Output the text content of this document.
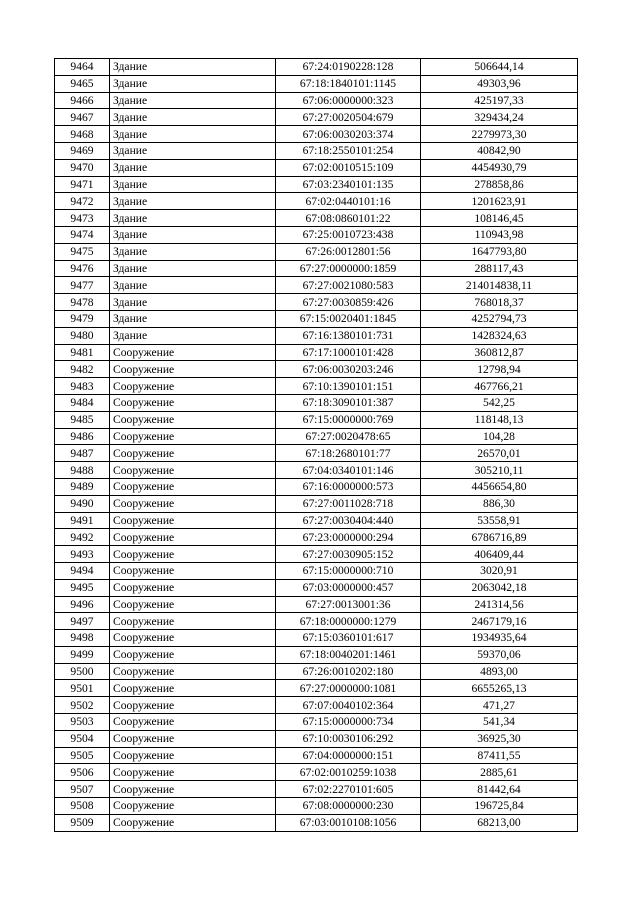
9464	Здание	67:24:0190228:128	506644,14
9465	Здание	67:18:1840101:1145	49303,96
9466	Здание	67:06:0000000:323	425197,33
9467	Здание	67:27:0020504:679	329434,24
9468	Здание	67:06:0030203:374	2279973,30
9469	Здание	67:18:2550101:254	40842,90
9470	Здание	67:02:0010515:109	4454930,79
9471	Здание	67:03:2340101:135	278858,86
9472	Здание	67:02:0440101:16	1201623,91
9473	Здание	67:08:0860101:22	108146,45
9474	Здание	67:25:0010723:438	110943,98
9475	Здание	67:26:0012801:56	1647793,80
9476	Здание	67:27:0000000:1859	288117,43
9477	Здание	67:27:0021080:583	214014838,11
9478	Здание	67:27:0030859:426	768018,37
9479	Здание	67:15:0020401:1845	4252794,73
9480	Здание	67:16:1380101:731	1428324,63
9481	Сооружение	67:17:1000101:428	360812,87
9482	Сооружение	67:06:0030203:246	12798,94
9483	Сооружение	67:10:1390101:151	467766,21
9484	Сооружение	67:18:3090101:387	542,25
9485	Сооружение	67:15:0000000:769	118148,13
9486	Сооружение	67:27:0020478:65	104,28
9487	Сооружение	67:18:2680101:77	26570,01
9488	Сооружение	67:04:0340101:146	305210,11
9489	Сооружение	67:16:0000000:573	4456654,80
9490	Сооружение	67:27:0011028:718	886,30
9491	Сооружение	67:27:0030404:440	53558,91
9492	Сооружение	67:23:0000000:294	6786716,89
9493	Сооружение	67:27:0030905:152	406409,44
9494	Сооружение	67:15:0000000:710	3020,91
9495	Сооружение	67:03:0000000:457	2063042,18
9496	Сооружение	67:27:0013001:36	241314,56
9497	Сооружение	67:18:0000000:1279	2467179,16
9498	Сооружение	67:15:0360101:617	1934935,64
9499	Сооружение	67:18:0040201:1461	59370,06
9500	Сооружение	67:26:0010202:180	4893,00
9501	Сооружение	67:27:0000000:1081	6655265,13
9502	Сооружение	67:07:0040102:364	471,27
9503	Сооружение	67:15:0000000:734	541,34
9504	Сооружение	67:10:0030106:292	36925,30
9505	Сооружение	67:04:0000000:151	87411,55
9506	Сооружение	67:02:0010259:1038	2885,61
9507	Сооружение	67:02:2270101:605	81442,64
9508	Сооружение	67:08:0000000:230	196725,84
9509	Сооружение	67:03:0010108:1056	68213,00
